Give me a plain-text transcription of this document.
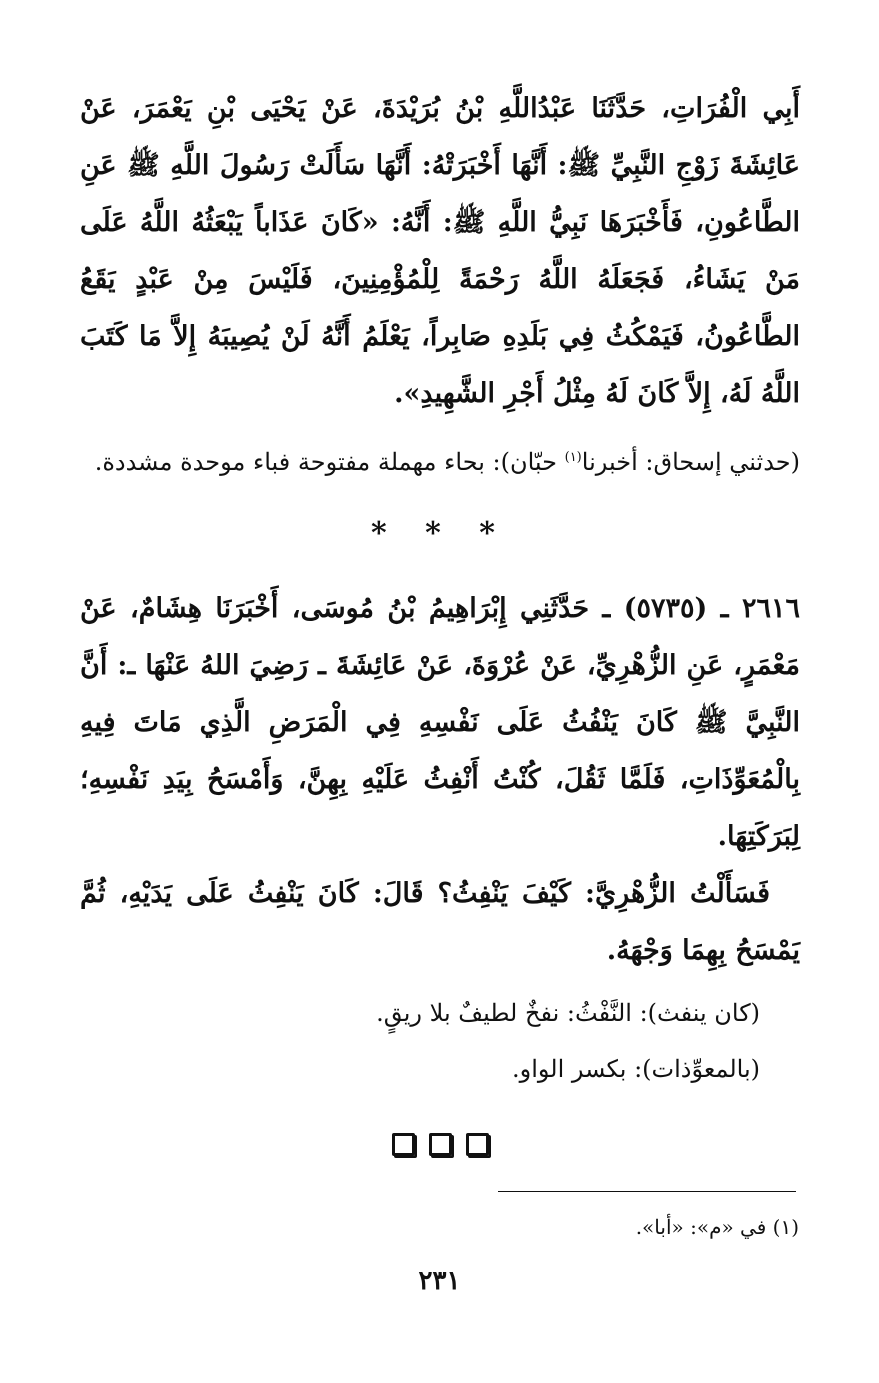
أَبِي الْفُرَاتِ، حَدَّثَنَا عَبْدُاللَّهِ بْنُ بُرَيْدَةَ، عَنْ يَحْيَى بْنِ يَعْمَرَ، عَنْ عَائِشَةَ زَوْجِ النَّبِيِّ ﷺ: أَنَّهَا أَخْبَرَتْهُ: أَنَّهَا سَأَلَتْ رَسُولَ اللَّهِ ﷺ عَنِ الطَّاعُونِ، فَأَخْبَرَهَا نَبِيُّ اللَّهِ ﷺ: أَنَّهُ: «كَانَ عَذَاباً يَبْعَثُهُ اللَّهُ عَلَى مَنْ يَشَاءُ، فَجَعَلَهُ اللَّهُ رَحْمَةً لِلْمُؤْمِنِينَ، فَلَيْسَ مِنْ عَبْدٍ يَقَعُ الطَّاعُونُ، فَيَمْكُثُ فِي بَلَدِهِ صَابِراً، يَعْلَمُ أَنَّهُ لَنْ يُصِيبَهُ إِلاَّ مَا كَتَبَ اللَّهُ لَهُ، إِلاَّ كَانَ لَهُ مِثْلُ أَجْرِ الشَّهِيدِ».

(حدثني إسحاق: أخبرنا$^{(١)}$ حبّان): بحاء مهملة مفتوحة فباء موحدة مشددة.

* * *

٢٦١٦ ـ (٥٧٣٥) ـ حَدَّثَنِي إِبْرَاهِيمُ بْنُ مُوسَى، أَخْبَرَنَا هِشَامٌ، عَنْ مَعْمَرٍ، عَنِ الزُّهْرِيِّ، عَنْ عُرْوَةَ، عَنْ عَائِشَةَ ـ رَضِيَ اللهُ عَنْهَا ـ: أَنَّ النَّبِيَّ ﷺ كَانَ يَنْفُثُ عَلَى نَفْسِهِ فِي الْمَرَضِ الَّذِي مَاتَ فِيهِ بِالْمُعَوِّذَاتِ، فَلَمَّا ثَقُلَ، كُنْتُ أَنْفِثُ عَلَيْهِ بِهِنَّ، وَأَمْسَحُ بِيَدِ نَفْسِهِ؛ لِبَرَكَتِهَا.

فَسَأَلْتُ الزُّهْرِيَّ: كَيْفَ يَنْفِثُ؟ قَالَ: كَانَ يَنْفِثُ عَلَى يَدَيْهِ، ثُمَّ يَمْسَحُ بِهِمَا وَجْهَهُ.

(كان ينفث): النَّفْثُ: نفخٌ لطيفٌ بلا ريقٍ.

(بالمعوِّذات): بكسر الواو.

(١) في «م»: «أبا».
٢٣١
